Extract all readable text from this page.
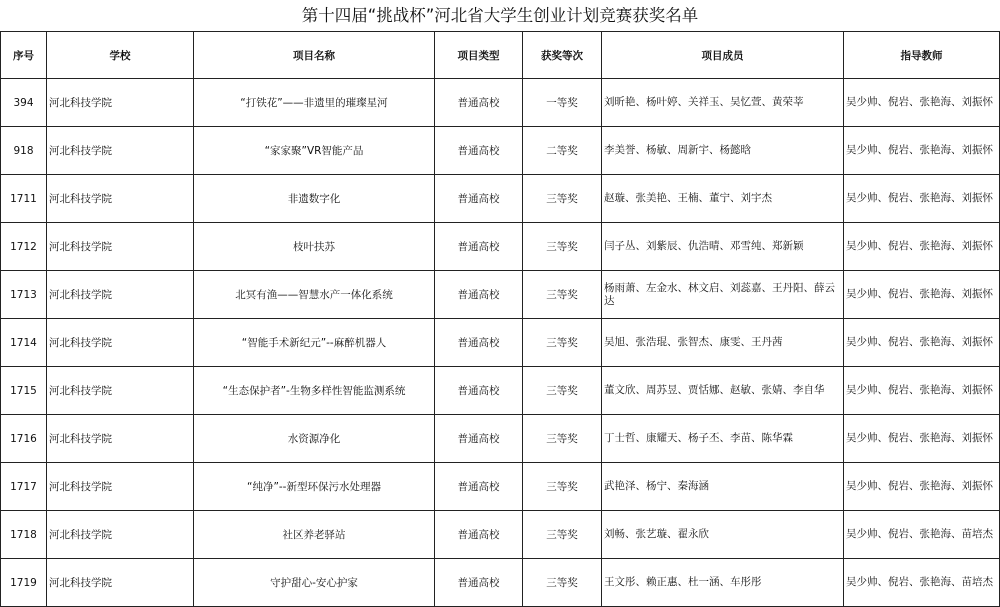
第十四届“挑战杯”河北省大学生创业计划竞赛获奖名单
序号	学校	项目名称	项目类型	获奖等次	项目成员	指导教师
394	河北科技学院	“打铁花”——非遗里的璀璨星河	普通高校	一等奖	刘昕艳、杨叶婷、关祥玉、吴忆萱、黄荣莘	吴少帅、倪岩、张艳海、刘振怀
918	河北科技学院	“家家聚”VR智能产品	普通高校	二等奖	李美誉、杨敏、周新宇、杨懿晗	吴少帅、倪岩、张艳海、刘振怀
1711	河北科技学院	非遗数字化	普通高校	三等奖	赵璇、张美艳、王楠、董宁、刘宇杰	吴少帅、倪岩、张艳海、刘振怀
1712	河北科技学院	枝叶扶苏	普通高校	三等奖	闫子丛、刘紫辰、仇浩晴、邓雪纯、郑新颖	吴少帅、倪岩、张艳海、刘振怀
1713	河北科技学院	北冥有渔——智慧水产一体化系统	普通高校	三等奖	杨雨萧、左金水、林文启、刘蕊嘉、王丹阳、薛云达	吴少帅、倪岩、张艳海、刘振怀
1714	河北科技学院	“智能手术新纪元”--麻醉机器人	普通高校	三等奖	吴旭、张浩琨、张智杰、康雯、王丹茜	吴少帅、倪岩、张艳海、刘振怀
1715	河北科技学院	“生态保护者”-生物多样性智能监测系统	普通高校	三等奖	董文欣、周苏昱、贾恬娜、赵敏、张婧、李自华	吴少帅、倪岩、张艳海、刘振怀
1716	河北科技学院	水资源净化	普通高校	三等奖	丁士哲、康耀天、杨子丕、李苗、陈华霖	吴少帅、倪岩、张艳海、刘振怀
1717	河北科技学院	“纯净”--新型环保污水处理器	普通高校	三等奖	武艳泽、杨宁、秦海涵	吴少帅、倪岩、张艳海、刘振怀
1718	河北科技学院	社区养老驿站	普通高校	三等奖	刘畅、张艺璇、翟永欣	吴少帅、倪岩、张艳海、苗培杰
1719	河北科技学院	守护甜心-安心护家	普通高校	三等奖	王文彤、赖正惠、杜一涵、车彤彤	吴少帅、倪岩、张艳海、苗培杰
